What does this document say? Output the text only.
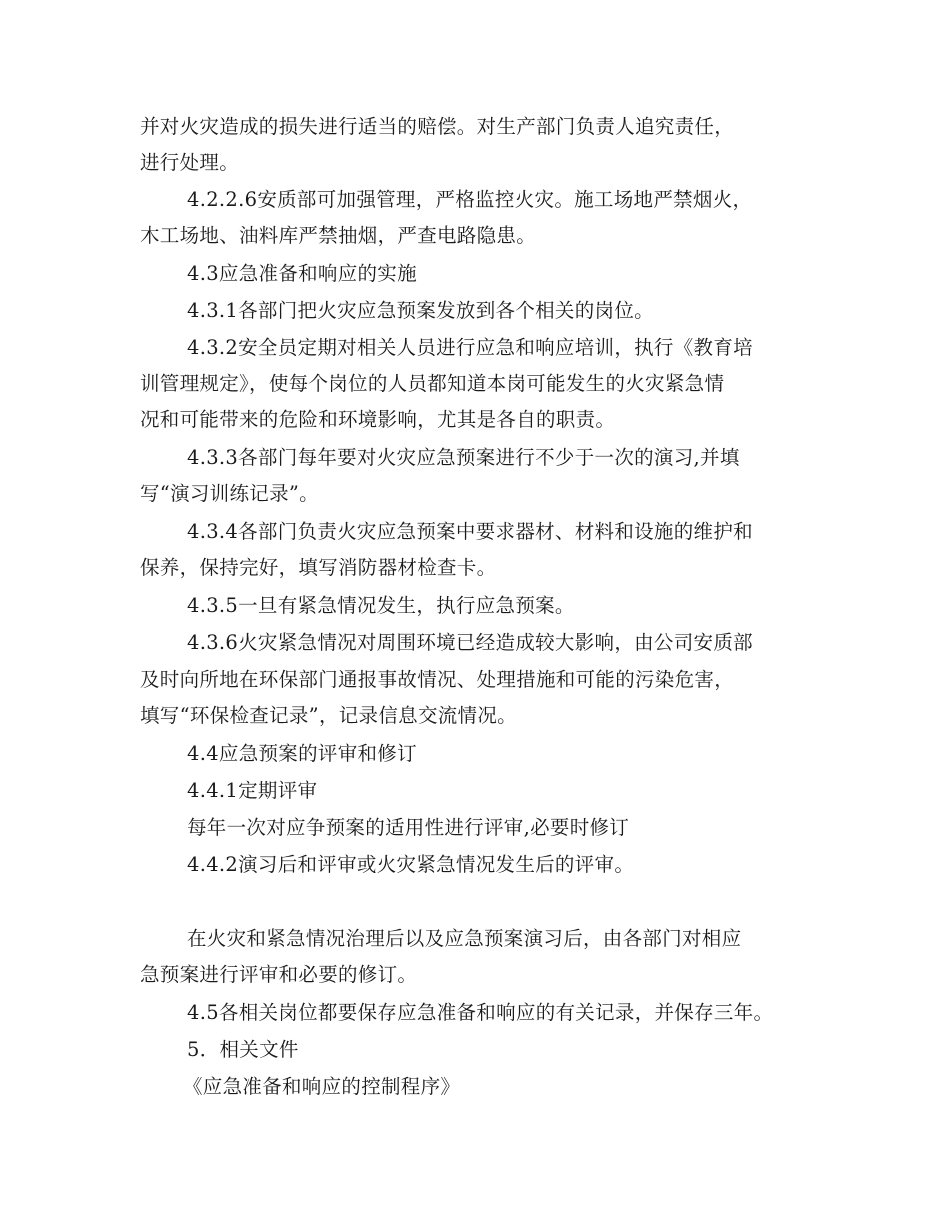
并对火灾造成的损失进行适当的赔偿。对生产部门负责人追究责任，
进行处理。
4.2.2.6安质部可加强管理，严格监控火灾。施工场地严禁烟火，
木工场地、油料库严禁抽烟，严查电路隐患。
4.3应急准备和响应的实施
4.3.1各部门把火灾应急预案发放到各个相关的岗位。
4.3.2安全员定期对相关人员进行应急和响应培训，执行《教育培
训管理规定》，使每个岗位的人员都知道本岗可能发生的火灾紧急情
况和可能带来的危险和环境影响，尤其是各自的职责。
4.3.3各部门每年要对火灾应急预案进行不少于一次的演习,并填
写“演习训练记录”。
4.3.4各部门负责火灾应急预案中要求器材、材料和设施的维护和
保养，保持完好，填写消防器材检查卡。
4.3.5一旦有紧急情况发生，执行应急预案。
4.3.6火灾紧急情况对周围环境已经造成较大影响，由公司安质部
及时向所地在环保部门通报事故情况、处理措施和可能的污染危害，
填写“环保检查记录”，记录信息交流情况。
4.4应急预案的评审和修订
4.4.1定期评审
每年一次对应争预案的适用性进行评审,必要时修订
4.4.2演习后和评审或火灾紧急情况发生后的评审。
在火灾和紧急情况治理后以及应急预案演习后，由各部门对相应
急预案进行评审和必要的修订。
4.5各相关岗位都要保存应急准备和响应的有关记录，并保存三年。
5．相关文件
《应急准备和响应的控制程序》
